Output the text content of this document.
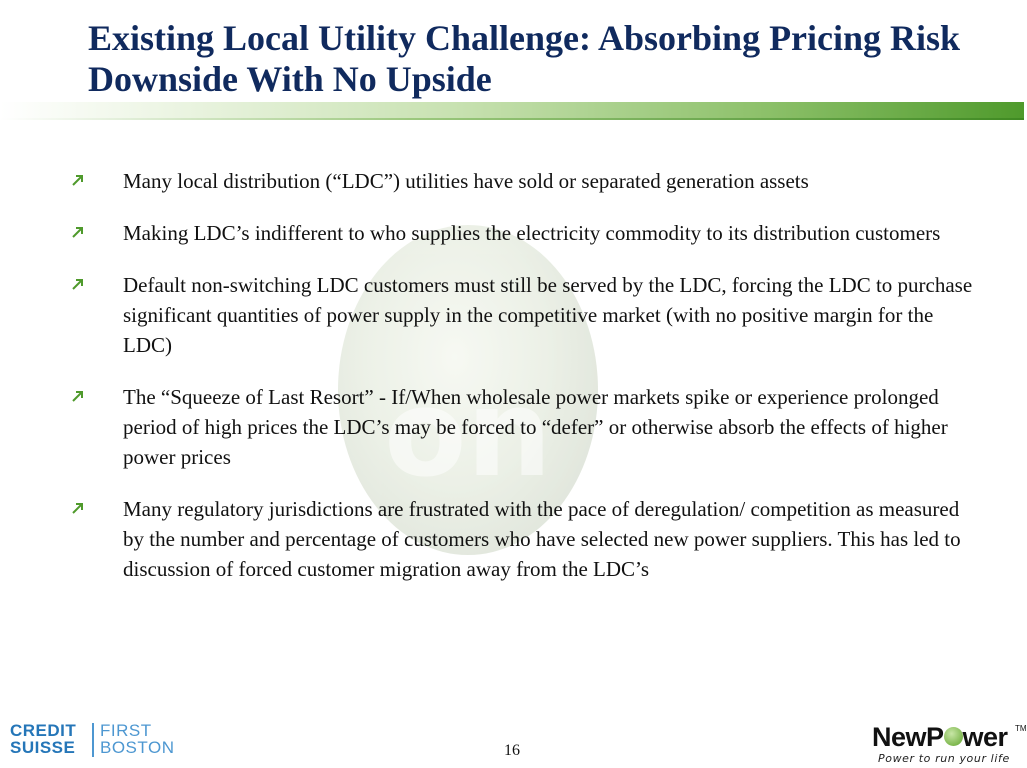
Existing Local Utility Challenge: Absorbing Pricing Risk Downside With No Upside
on
Many local distribution (“LDC”) utilities have sold or separated generation assets
Making LDC’s indifferent to who supplies the electricity commodity to its distribution customers
Default non-switching LDC customers must still be served by the LDC, forcing the LDC to purchase significant quantities of power supply in the competitive market (with no positive margin for the LDC)
The “Squeeze of Last Resort” - If/When wholesale power markets spike or experience prolonged period of high prices the LDC’s may be forced to “defer” or otherwise absorb the effects of higher power prices
Many regulatory jurisdictions are frustrated with the pace of deregulation/ competition as measured by the number and percentage of customers who have selected new power suppliers. This has led to discussion of forced customer migration away from the LDC’s
CREDIT
SUISSE
FIRST
BOSTON	16	NewP wer TM
Power to run your life
